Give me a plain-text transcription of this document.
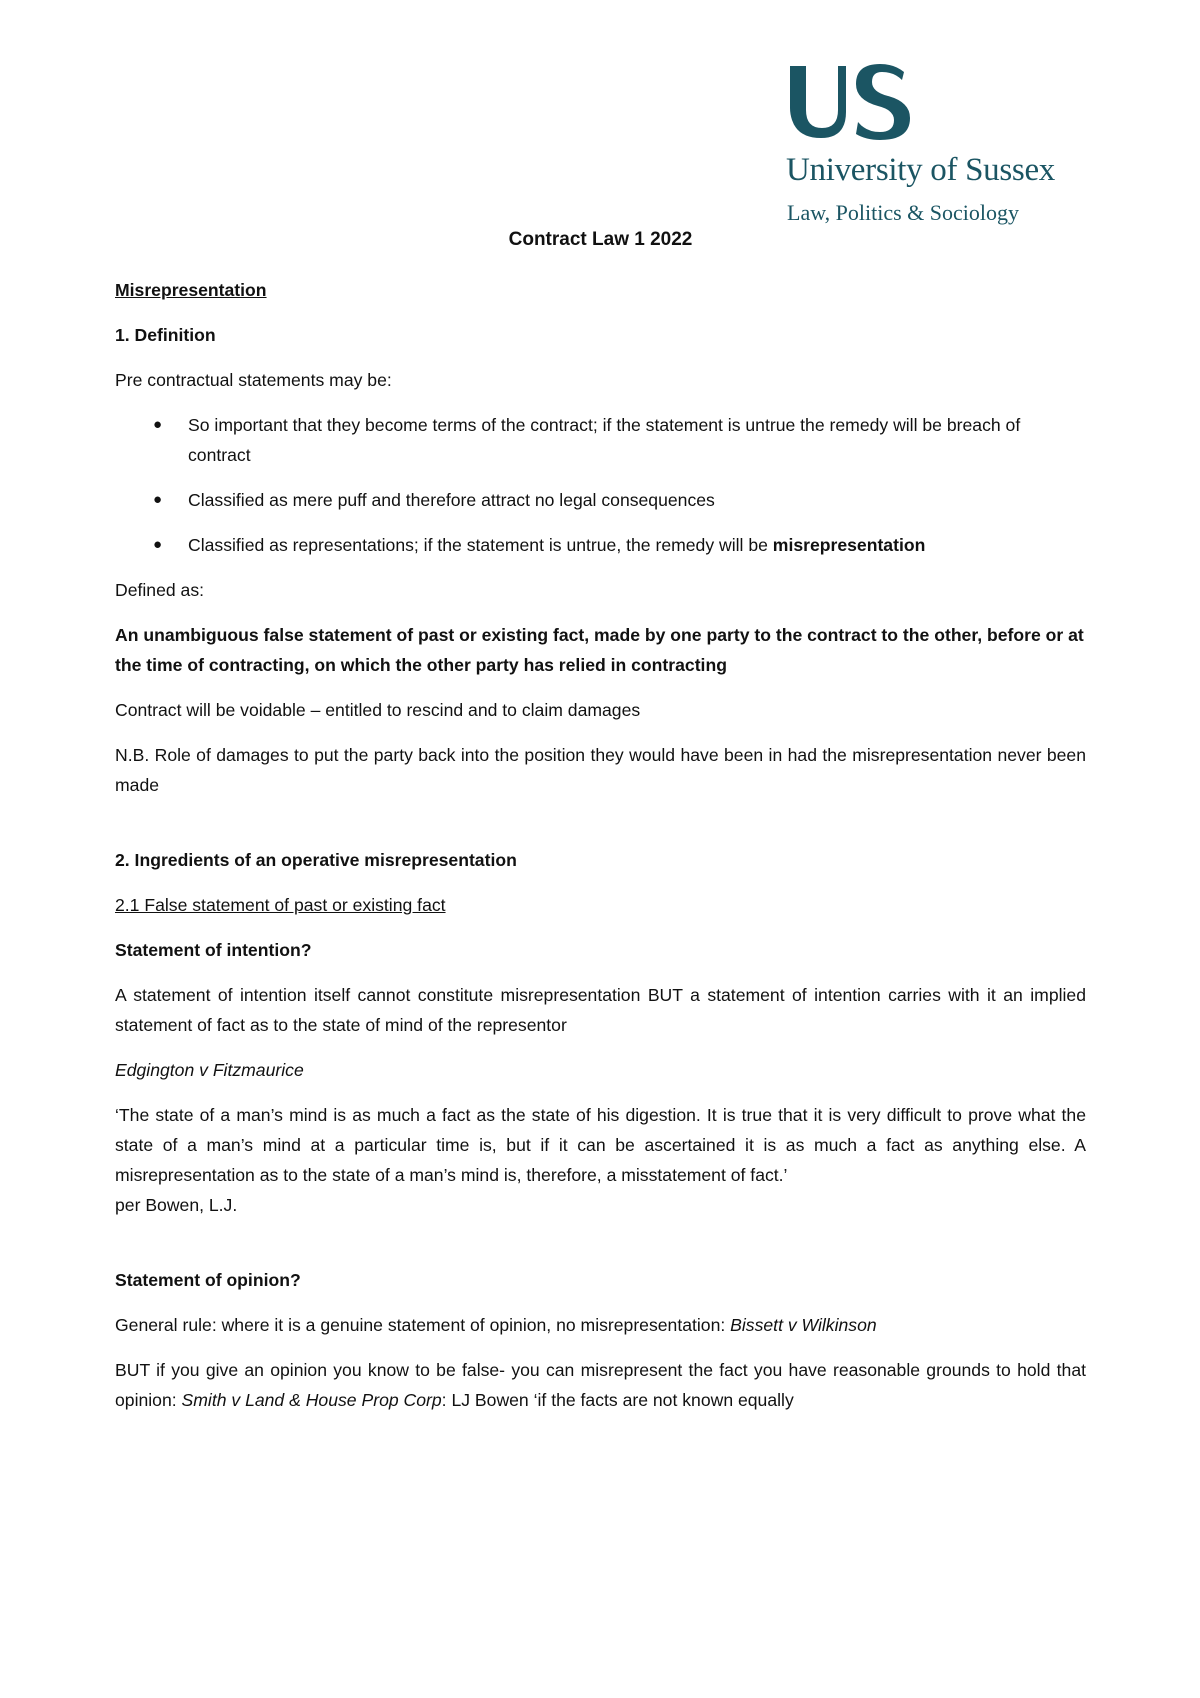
University of Sussex
Law, Politics & Sociology
Contract Law 1 2022

Misrepresentation

1. Definition

Pre contractual statements may be:

● So important that they become terms of the contract; if the statement is untrue the remedy will be breach of contract
● Classified as mere puff and therefore attract no legal consequences
● Classified as representations; if the statement is untrue, the remedy will be misrepresentation

Defined as:

An unambiguous false statement of past or existing fact, made by one party to the contract to the other, before or at the time of contracting, on which the other party has relied in contracting

Contract will be voidable – entitled to rescind and to claim damages

N.B. Role of damages to put the party back into the position they would have been in had the misrepresentation never been made

2. Ingredients of an operative misrepresentation

2.1 False statement of past or existing fact

Statement of intention?

A statement of intention itself cannot constitute misrepresentation BUT a statement of intention carries with it an implied statement of fact as to the state of mind of the representor

Edgington v Fitzmaurice

‘The state of a man’s mind is as much a fact as the state of his digestion. It is true that it is very difficult to prove what the state of a man’s mind at a particular time is, but if it can be ascertained it is as much a fact as anything else. A misrepresentation as to the state of a man’s mind is, therefore, a misstatement of fact.’

per Bowen, L.J.

Statement of opinion?

General rule: where it is a genuine statement of opinion, no misrepresentation: Bissett v Wilkinson

BUT if you give an opinion you know to be false- you can misrepresent the fact you have reasonable grounds to hold that opinion: Smith v Land & House Prop Corp: LJ Bowen ‘if the facts are not known equally
